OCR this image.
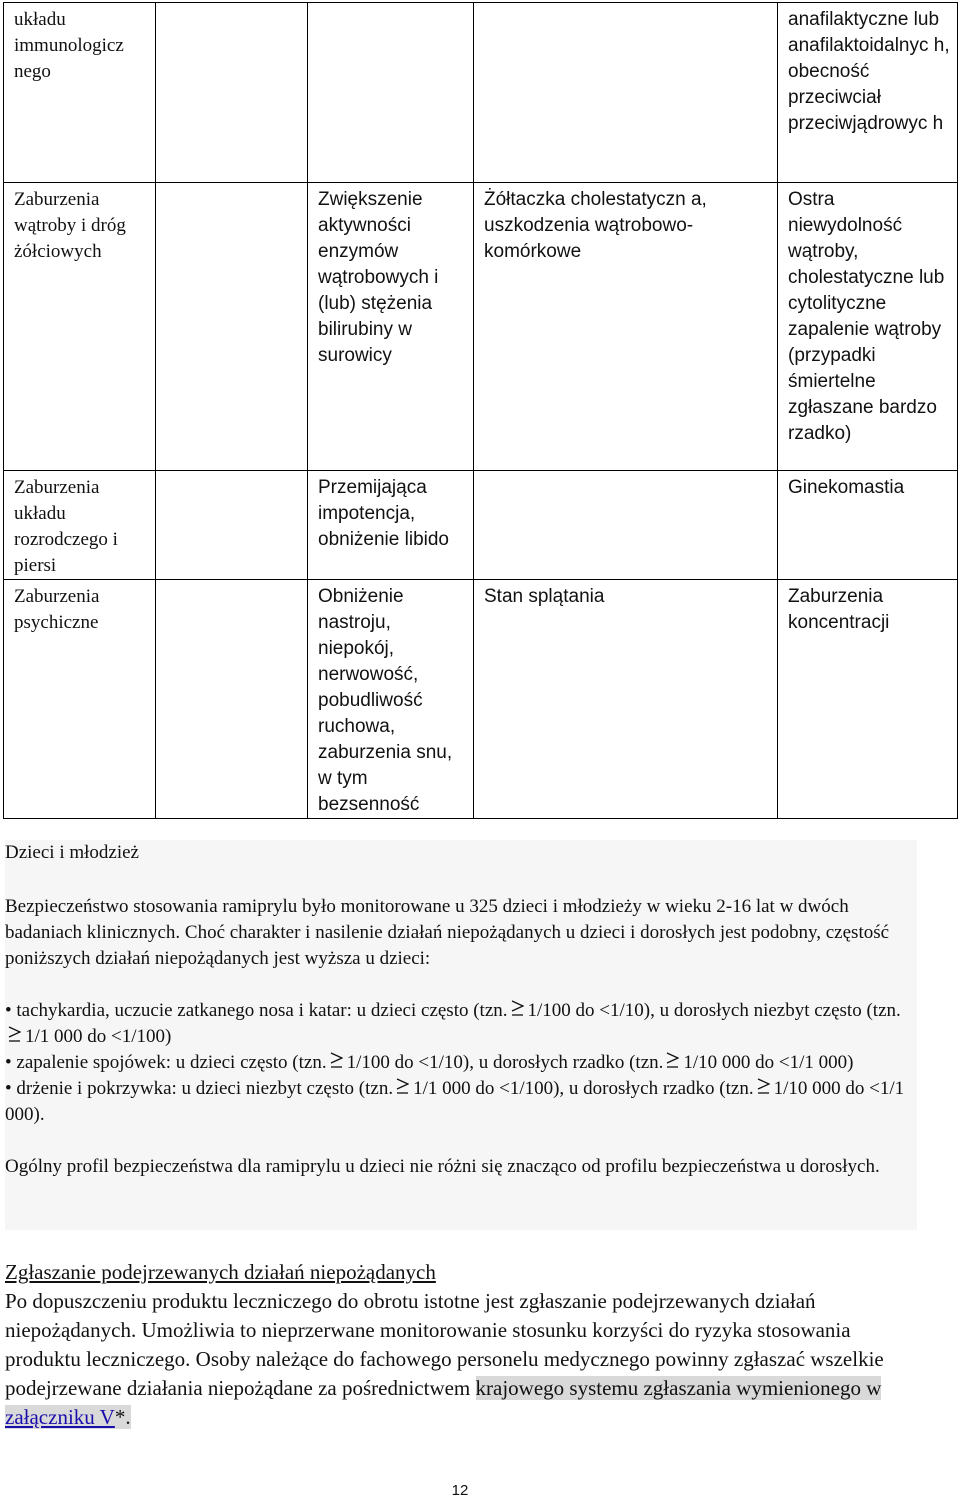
układu immunologicz nego				anafilaktyczne lub anafilaktoidalnyc h, obecność przeciwciał przeciwjądrowyc h

Zaburzenia wątroby i dróg żółciowych		Zwiększenie aktywności enzymów wątrobowych i (lub) stężenia bilirubiny w surowicy	Żółtaczka cholestatyczn a, uszkodzenia wątrobowo-komórkowe	Ostra niewydolność wątroby, cholestatyczne lub cytolityczne zapalenie wątroby (przypadki śmiertelne zgłaszane bardzo rzadko)

Zaburzenia układu rozrodczego i piersi		Przemijająca impotencja, obniżenie libido		Ginekomastia

Zaburzenia psychiczne		Obniżenie nastroju, niepokój, nerwowość, pobudliwość ruchowa, zaburzenia snu, w tym bezsenność	Stan splątania	Zaburzenia koncentracji
Dzieci i młodzież

Bezpieczeństwo stosowania ramiprylu było monitorowane u 325 dzieci i młodzieży w wieku 2-16 lat w dwóch badaniach klinicznych. Choć charakter i nasilenie działań niepożądanych u dzieci i dorosłych jest podobny, częstość poniższych działań niepożądanych jest wyższa u dzieci:

• tachykardia, uczucie zatkanego nosa i katar: u dzieci często (tzn. 1/100 do <1/10), u dorosłych niezbyt często (tzn.
1/1 000 do <1/100)

• zapalenie spojówek: u dzieci często (tzn. 1/100 do <1/10), u dorosłych rzadko (tzn. 1/10 000 do <1/1 000)

• drżenie i pokrzywka: u dzieci niezbyt często (tzn. 1/1 000 do <1/100), u dorosłych rzadko (tzn. 1/10 000 do <1/1 000).

Ogólny profil bezpieczeństwa dla ramiprylu u dzieci nie różni się znacząco od profilu bezpieczeństwa u dorosłych.

Zgłaszanie podejrzewanych działań niepożądanych

Po dopuszczeniu produktu leczniczego do obrotu istotne jest zgłaszanie podejrzewanych działań niepożądanych. Umożliwia to nieprzerwane monitorowanie stosunku korzyści do ryzyka stosowania produktu leczniczego. Osoby należące do fachowego personelu medycznego powinny zgłaszać wszelkie podejrzewane działania niepożądane za pośrednictwem krajowego systemu zgłaszania wymienionego w załączniku V*.

12
